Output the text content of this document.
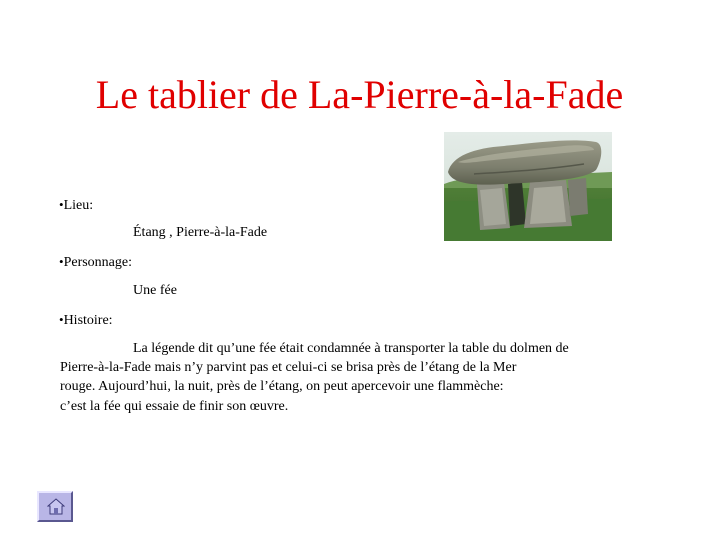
Le tablier de La-Pierre-à-la-Fade
•Lieu:
Étang , Pierre-à-la-Fade
•Personnage:
Une fée
•Histoire:
La légende dit qu’une fée était condamnée à transporter la table du dolmen de
Pierre-à-la-Fade mais n’y parvint pas et celui-ci se brisa près de l’étang de la Mer
rouge. Aujourd’hui, la nuit, près de l’étang, on peut apercevoir une flammèche:
c’est la fée qui essaie de finir son œuvre.
